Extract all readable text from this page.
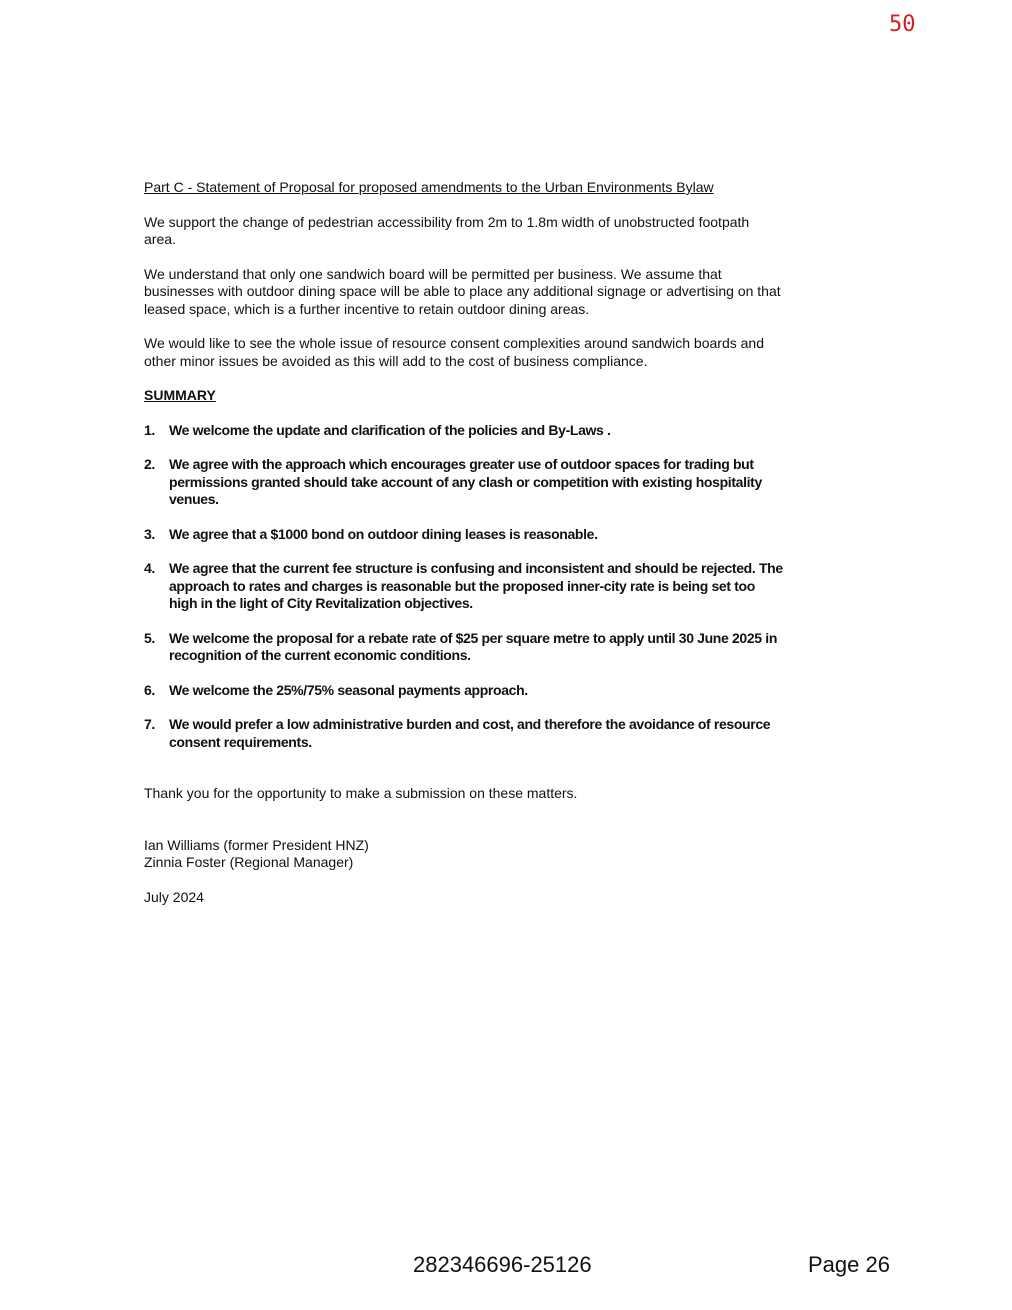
50

Part C - Statement of Proposal for proposed amendments to the Urban Environments Bylaw

We support the change of pedestrian accessibility from 2m to 1.8m width of unobstructed footpath area.

We understand that only one sandwich board will be permitted per business. We assume that businesses with outdoor dining space will be able to place any additional signage or advertising on that leased space, which is a further incentive to retain outdoor dining areas.

We would like to see the whole issue of resource consent complexities around sandwich boards and other minor issues be avoided as this will add to the cost of business compliance.

SUMMARY

1. We welcome the update and clarification of the policies and By-Laws .
2. We agree with the approach which encourages greater use of outdoor spaces for trading but permissions granted should take account of any clash or competition with existing hospitality venues.
3. We agree that a $1000 bond on outdoor dining leases is reasonable.
4. We agree that the current fee structure is confusing and inconsistent and should be rejected. The approach to rates and charges is reasonable but the proposed inner-city rate is being set too high in the light of City Revitalization objectives.
5. We welcome the proposal for a rebate rate of $25 per square metre to apply until 30 June 2025 in recognition of the current economic conditions.
6. We welcome the 25%/75% seasonal payments approach.
7. We would prefer a low administrative burden and cost, and therefore the avoidance of resource consent requirements.

Thank you for the opportunity to make a submission on these matters.

Ian Williams (former President HNZ)

Zinnia Foster (Regional Manager)

July 2024

282346696-25126	Page 26
